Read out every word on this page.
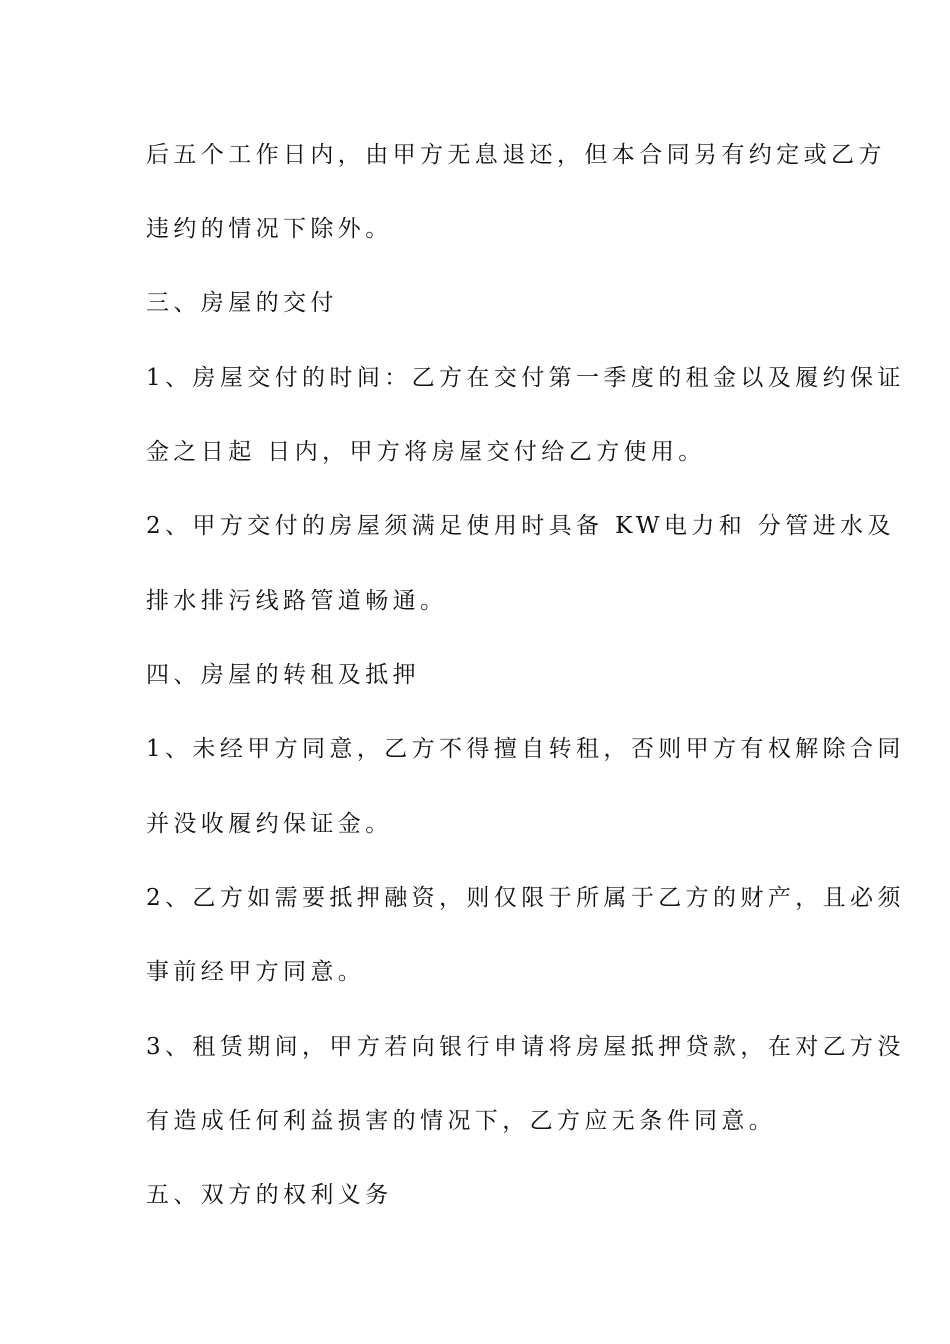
后五个工作日内，由甲方无息退还，但本合同另有约定或乙方
违约的情况下除外。
三、房屋的交付
1、房屋交付的时间：乙方在交付第一季度的租金以及履约保证
金之日起 日内，甲方将房屋交付给乙方使用。
2、甲方交付的房屋须满足使用时具备 KW电力和 分管进水及
排水排污线路管道畅通。
四、房屋的转租及抵押
1、未经甲方同意，乙方不得擅自转租，否则甲方有权解除合同
并没收履约保证金。
2、乙方如需要抵押融资，则仅限于所属于乙方的财产，且必须
事前经甲方同意。
3、租赁期间，甲方若向银行申请将房屋抵押贷款，在对乙方没
有造成任何利益损害的情况下，乙方应无条件同意。
五、双方的权利义务
